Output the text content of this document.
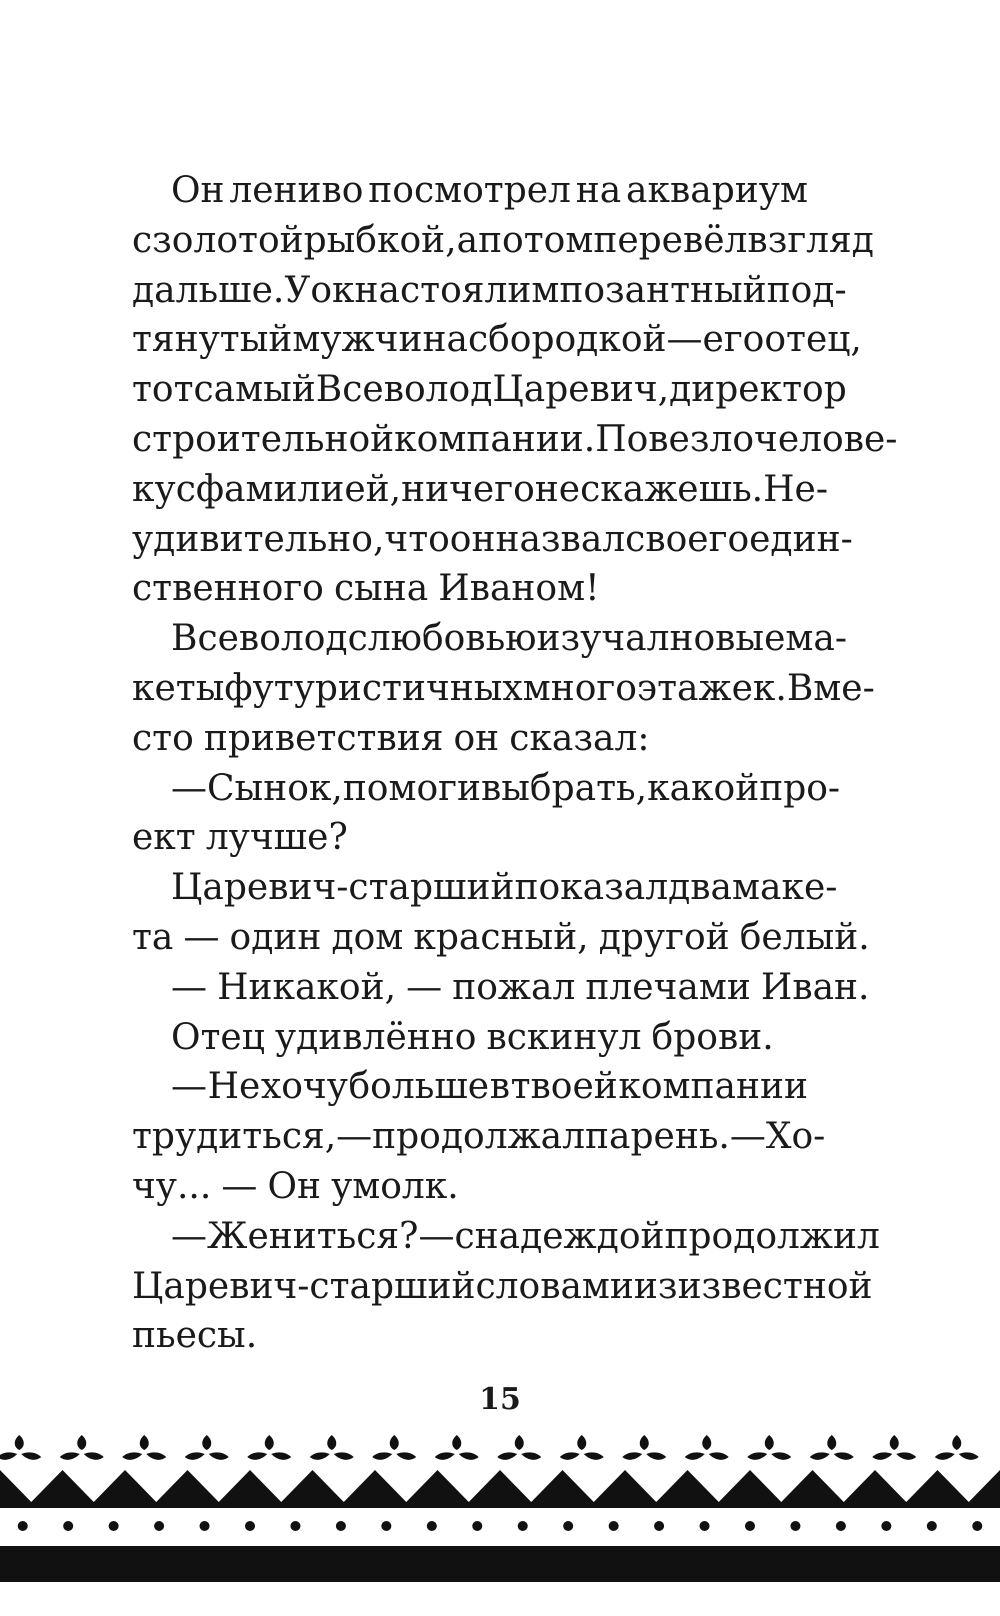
Он лениво посмотрел на аквариум
с золотой рыбкой, а потом перевёл взгляд
дальше. У окна стоял импозантный под-
тянутый мужчина с бородкой — его отец,
тот самый Всеволод Царевич, директор
строительной компании. Повезло челове-
ку с фамилией, ничего не скажешь. Не-
удивительно, что он назвал своего един-
ственного сына Иваном!
Всеволод с любовью изучал новые ма-
кеты футуристичных многоэтажек. Вме-
сто приветствия он сказал:
— Сынок, помоги выбрать, какой про-
ект лучше?
Царевич-старший показал два маке-
та — один дом красный, другой белый.
— Никакой, — пожал плечами Иван.
Отец удивлённо вскинул брови.
— Не хочу больше в твоей компании
трудиться, — продолжал парень. — Хо-
чу... — Он умолк.
— Жениться? — с надеждой продолжил
Царевич-старший словами из известной
пьесы.
15
